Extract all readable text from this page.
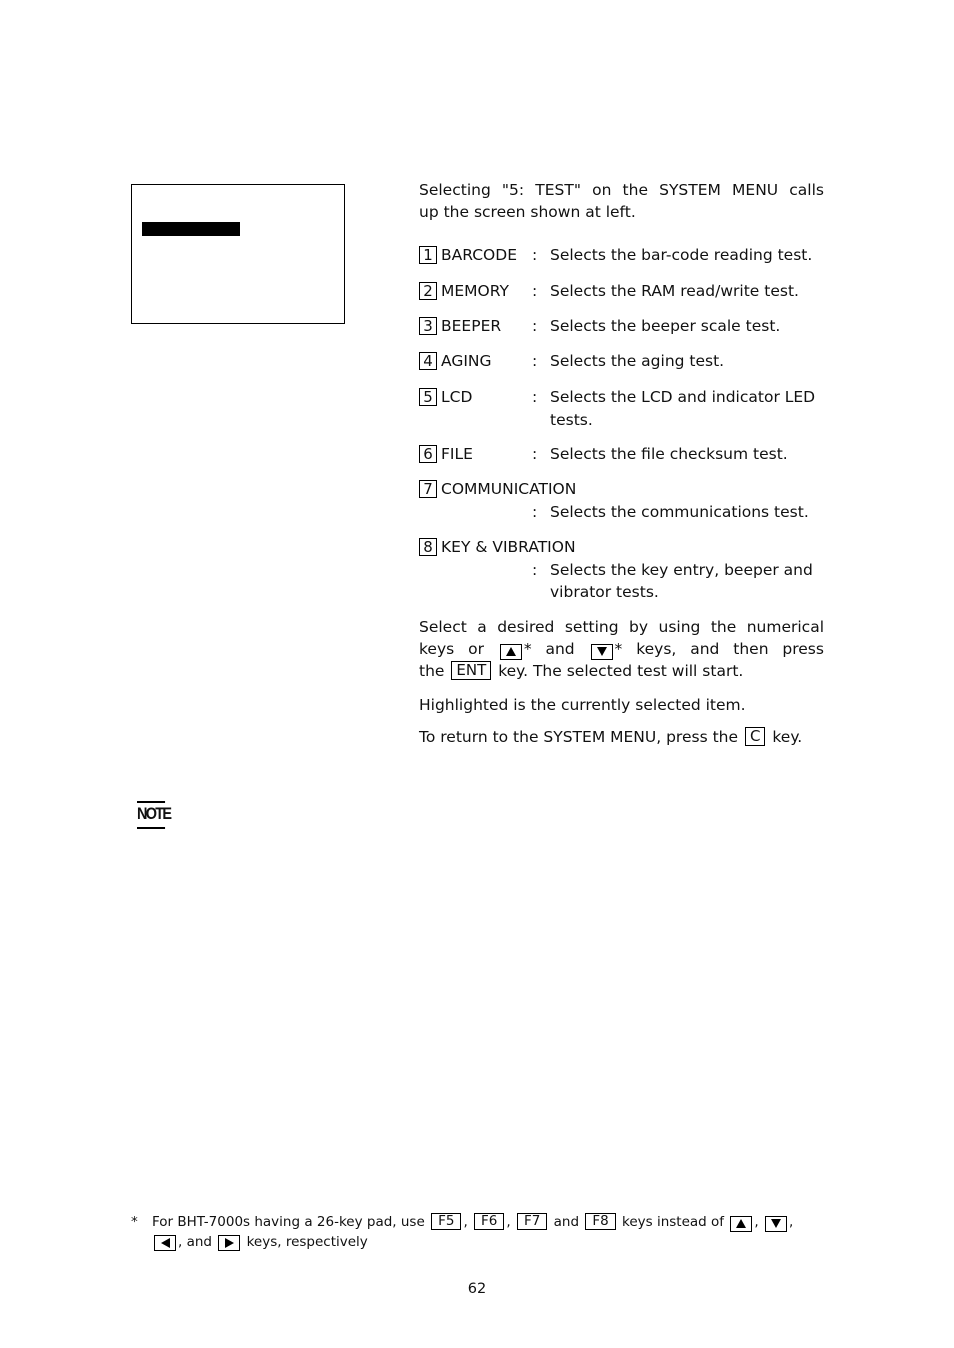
Selecting "5: TEST" on the SYSTEM MENU calls
up the screen shown at left.
1 BARCODE : Selects the bar-code reading test.
2 MEMORY : Selects the RAM read/write test.
3 BEEPER : Selects the beeper scale test.
4 AGING	: Selects the aging test.
5 LCD	: Selects the LCD and indicator LED
tests.
6 FILE	: Selects the file checksum test.
7 COMMUNICATION
: Selects the communications test.
8 KEY & VIBRATION
: Selects the key entry, beeper and
vibrator tests.
Select a desired setting by using the numerical
keys or	* and	* keys, and then press
the ENT key. The selected test will start.
Highlighted is the currently selected item.
To return to the SYSTEM MENU, press the C key.
NOTE
* For BHT-7000s having a 26-key pad, use F5 , F6 , F7 and F8 keys instead of , ,
, and	keys, respectively
62
